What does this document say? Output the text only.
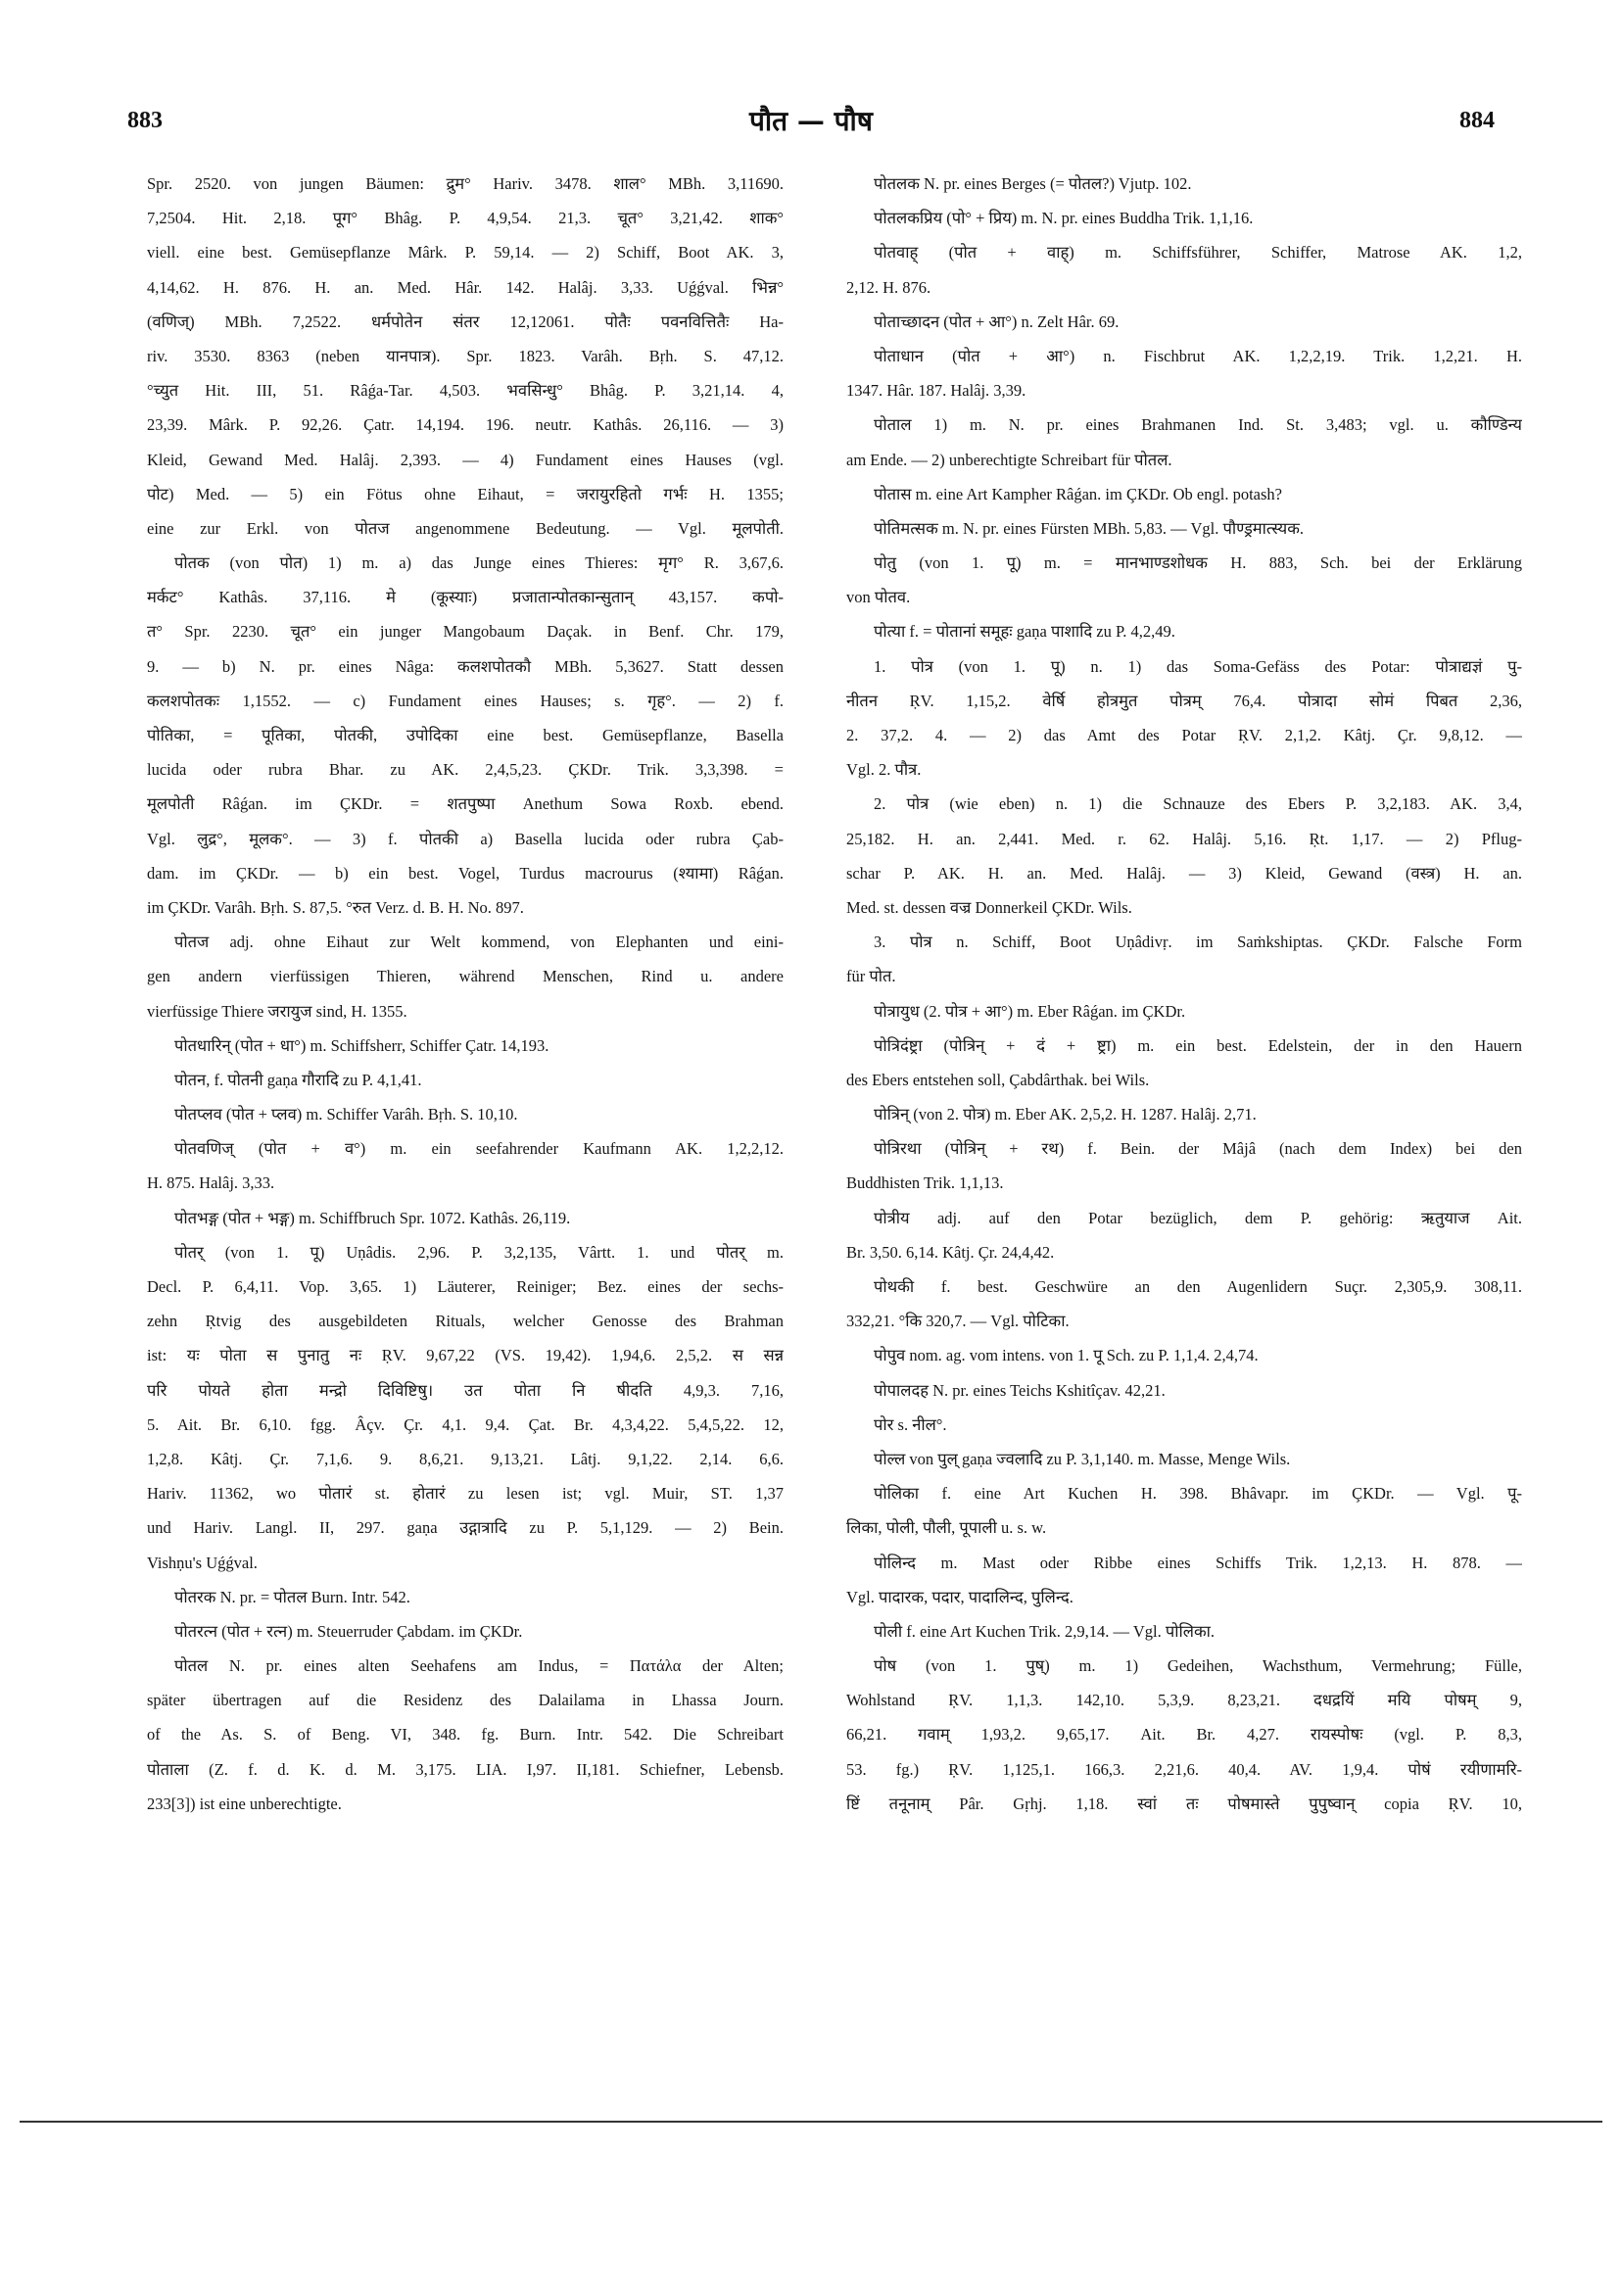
883	पौत — पौष	884
Spr. 2520. von jungen Bäumen: द्रुम° Hariv. 3478. शाल° MBh. 3,11690.
7,2504. Hit. 2,18. पूग° Bhâg. P. 4,9,54. 21,3. चूत° 3,21,42. शाक°
viell. eine best. Gemüsepflanze Mârk. P. 59,14. — 2) Schiff, Boot AK. 3,
4,14,62. H. 876. H. an. Med. Hâr. 142. Halâj. 3,33. Uǵǵval. भिन्न°
(वणिज्) MBh. 7,2522. धर्मपोतेन संतर 12,12061. पोतैः पवनवित्तितैः Ha-
riv. 3530. 8363 (neben यानपात्र). Spr. 1823. Varâh. Bṛh. S. 47,12.
°च्युत Hit. III, 51. Râǵa-Tar. 4,503. भवसिन्धु° Bhâg. P. 3,21,14. 4,
23,39. Mârk. P. 92,26. Çatr. 14,194. 196. neutr. Kathâs. 26,116. — 3)
Kleid, Gewand Med. Halâj. 2,393. — 4) Fundament eines Hauses (vgl.
पोट) Med. — 5) ein Fötus ohne Eihaut, = जरायुरहितो गर्भः H. 1355;
eine zur Erkl. von पोतज angenommene Bedeutung. — Vgl. मूलपोती.
पोतक (von पोत) 1) m. a) das Junge eines Thieres: मृग° R. 3,67,6.
मर्कट° Kathâs. 37,116. मे (कूस्याः) प्रजातान्पोतकान्सुतान् 43,157. कपो-
त° Spr. 2230. चूत° ein junger Mangobaum Daçak. in Benf. Chr. 179,
9. — b) N. pr. eines Nâga: कलशपोतकौ MBh. 5,3627. Statt dessen
कलशपोतकः 1,1552. — c) Fundament eines Hauses; s. गृह°. — 2) f.
पोतिका, = पूतिका, पोतकी, उपोदिका eine best. Gemüsepflanze, Basella
lucida oder rubra Bhar. zu AK. 2,4,5,23. ÇKDr. Trik. 3,3,398. =
मूलपोती Râǵan. im ÇKDr. = शतपुष्पा Anethum Sowa Roxb. ebend.
Vgl. लुद्र°, मूलक°. — 3) f. पोतकी a) Basella lucida oder rubra Çab-
dam. im ÇKDr. — b) ein best. Vogel, Turdus macrourus (श्यामा) Râǵan.
im ÇKDr. Varâh. Bṛh. S. 87,5. °रुत Verz. d. B. H. No. 897.
पोतज adj. ohne Eihaut zur Welt kommend, von Elephanten und eini-
gen andern vierfüssigen Thieren, während Menschen, Rind u. andere
vierfüssige Thiere जरायुज sind, H. 1355.
पोतधारिन् (पोत + धा°) m. Schiffsherr, Schiffer Çatr. 14,193.
पोतन, f. पोतनी gaṇa गौरादि zu P. 4,1,41.
पोतप्लव (पोत + प्लव) m. Schiffer Varâh. Bṛh. S. 10,10.
पोतवणिज् (पोत + व°) m. ein seefahrender Kaufmann AK. 1,2,2,12.
H. 875. Halâj. 3,33.
पोतभङ्ग (पोत + भङ्ग) m. Schiffbruch Spr. 1072. Kathâs. 26,119.
पोतर् (von 1. पू) Uṇâdis. 2,96. P. 3,2,135, Vârtt. 1. und पोतर् m.
Decl. P. 6,4,11. Vop. 3,65. 1) Läuterer, Reiniger; Bez. eines der sechs-
zehn Ṛtvig des ausgebildeten Rituals, welcher Genosse des Brahman
ist: यः पोता स पुनातु नः ṚV. 9,67,22 (VS. 19,42). 1,94,6. 2,5,2. स सन्न
परि पोयते होता मन्द्रो दिविष्टिषु। उत पोता नि षीदति 4,9,3. 7,16,
5. Ait. Br. 6,10. fgg. Âçv. Çr. 4,1. 9,4. Çat. Br. 4,3,4,22. 5,4,5,22. 12,
1,2,8. Kâtj. Çr. 7,1,6. 9. 8,6,21. 9,13,21. Lâtj. 9,1,22. 2,14. 6,6.
Hariv. 11362, wo पोतारं st. होतारं zu lesen ist; vgl. Muir, ST. 1,37
und Hariv. Langl. II, 297. gaṇa उद्गात्रादि zu P. 5,1,129. — 2) Bein.
Vishṇu's Uǵǵval.
पोतरक N. pr. = पोतल Burn. Intr. 542.
पोतरत्न (पोत + रत्न) m. Steuerruder Çabdam. im ÇKDr.
पोतल N. pr. eines alten Seehafens am Indus, = Πατάλα der Alten;
später übertragen auf die Residenz des Dalailama in Lhassa Journ.
of the As. S. of Beng. VI, 348. fg. Burn. Intr. 542. Die Schreibart
पोताला (Z. f. d. K. d. M. 3,175. LIA. I,97. II,181. Schiefner, Lebensb.
233[3]) ist eine unberechtigte.
पोतलक N. pr. eines Berges (= पोतल?) Vjutp. 102.
पोतलकप्रिय (पो° + प्रिय) m. N. pr. eines Buddha Trik. 1,1,16.
पोतवाह् (पोत + वाह्) m. Schiffsführer, Schiffer, Matrose AK. 1,2,
2,12. H. 876.
पोताच्छादन (पोत + आ°) n. Zelt Hâr. 69.
पोताधान (पोत + आ°) n. Fischbrut AK. 1,2,2,19. Trik. 1,2,21. H.
1347. Hâr. 187. Halâj. 3,39.
पोताल 1) m. N. pr. eines Brahmanen Ind. St. 3,483; vgl. u. कौण्डिन्य
am Ende. — 2) unberechtigte Schreibart für पोतल.
पोतास m. eine Art Kampher Râǵan. im ÇKDr. Ob engl. potash?
पोतिमत्सक m. N. pr. eines Fürsten MBh. 5,83. — Vgl. पौण्ड्रमात्स्यक.
पोतु (von 1. पू) m. = मानभाण्डशोधक H. 883, Sch. bei der Erklärung
von पोतव.
पोत्या f. = पोतानां समूहः gaṇa पाशादि zu P. 4,2,49.
1. पोत्र (von 1. पू) n. 1) das Soma-Gefäss des Potar: पोत्राद्यज्ञं पु-
नीतन ṚV. 1,15,2. वेर्षि होत्रमुत पोत्रम् 76,4. पोत्रादा सोमं पिबत 2,36,
2. 37,2. 4. — 2) das Amt des Potar ṚV. 2,1,2. Kâtj. Çr. 9,8,12. —
Vgl. 2. पौत्र.
2. पोत्र (wie eben) n. 1) die Schnauze des Ebers P. 3,2,183. AK. 3,4,
25,182. H. an. 2,441. Med. r. 62. Halâj. 5,16. Ṛt. 1,17. — 2) Pflug-
schar P. AK. H. an. Med. Halâj. — 3) Kleid, Gewand (वस्त्र) H. an.
Med. st. dessen वज्र Donnerkeil ÇKDr. Wils.
3. पोत्र n. Schiff, Boot Uṇâdivṛ. im Saṁkshiptas. ÇKDr. Falsche Form
für पोत.
पोत्रायुध (2. पोत्र + आ°) m. Eber Râǵan. im ÇKDr.
पोत्रिदंष्ट्रा (पोत्रिन् + दं + ष्ट्रा) m. ein best. Edelstein, der in den Hauern
des Ebers entstehen soll, Çabdârthak. bei Wils.
पोत्रिन् (von 2. पोत्र) m. Eber AK. 2,5,2. H. 1287. Halâj. 2,71.
पोत्रिरथा (पोत्रिन् + रथ) f. Bein. der Mâjâ (nach dem Index) bei den
Buddhisten Trik. 1,1,13.
पोत्रीय adj. auf den Potar bezüglich, dem P. gehörig: ऋतुयाज Ait.
Br. 3,50. 6,14. Kâtj. Çr. 24,4,42.
पोथकी f. best. Geschwüre an den Augenlidern Suçr. 2,305,9. 308,11.
332,21. °कि 320,7. — Vgl. पोटिका.
पोपुव nom. ag. vom intens. von 1. पू Sch. zu P. 1,1,4. 2,4,74.
पोपालदह N. pr. eines Teichs Kshitîçav. 42,21.
पोर s. नील°.
पोल्ल von पुल् gaṇa ज्वलादि zu P. 3,1,140. m. Masse, Menge Wils.
पोलिका f. eine Art Kuchen H. 398. Bhâvapr. im ÇKDr. — Vgl. पू-
लिका, पोली, पौली, पूपाली u. s. w.
पोलिन्द m. Mast oder Ribbe eines Schiffs Trik. 1,2,13. H. 878. —
Vgl. पादारक, पदार, पादालिन्द, पुलिन्द.
पोली f. eine Art Kuchen Trik. 2,9,14. — Vgl. पोलिका.
पोष (von 1. पुष्) m. 1) Gedeihen, Wachsthum, Vermehrung; Fülle,
Wohlstand ṚV. 1,1,3. 142,10. 5,3,9. 8,23,21. दधद्रयिं मयि पोषम् 9,
66,21. गवाम् 1,93,2. 9,65,17. Ait. Br. 4,27. रायस्पोषः (vgl. P. 8,3,
53. fg.) ṚV. 1,125,1. 166,3. 2,21,6. 40,4. AV. 1,9,4. पोषं रयीणामरि-
ष्टिं तनूनाम् Pâr. Gṛhj. 1,18. स्वां तः पोषमास्ते पुपुष्वान् copia ṚV. 10,
